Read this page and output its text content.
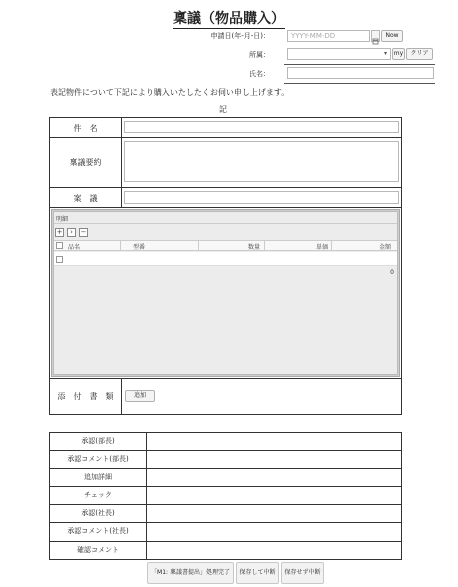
稟議（物品購入）
申請日(年-月-日)：	YYYY-MM-DD	Now
所属：	▾	my	クリア
氏名：
表記物件について下記により購入いたしたくお伺い申し上げます。
記
件　名
稟議要約
案　議
明細
+	›	−
品名	型番	数量	単価	金額
0
添　付　書　類	追加
承認(部長)
承認コメント(部長)
追加詳細
チェック
承認(社長)
承認コメント(社長)
確認コメント
「M1: 稟議書提出」処理完了	保存して中断	保存せず中断
